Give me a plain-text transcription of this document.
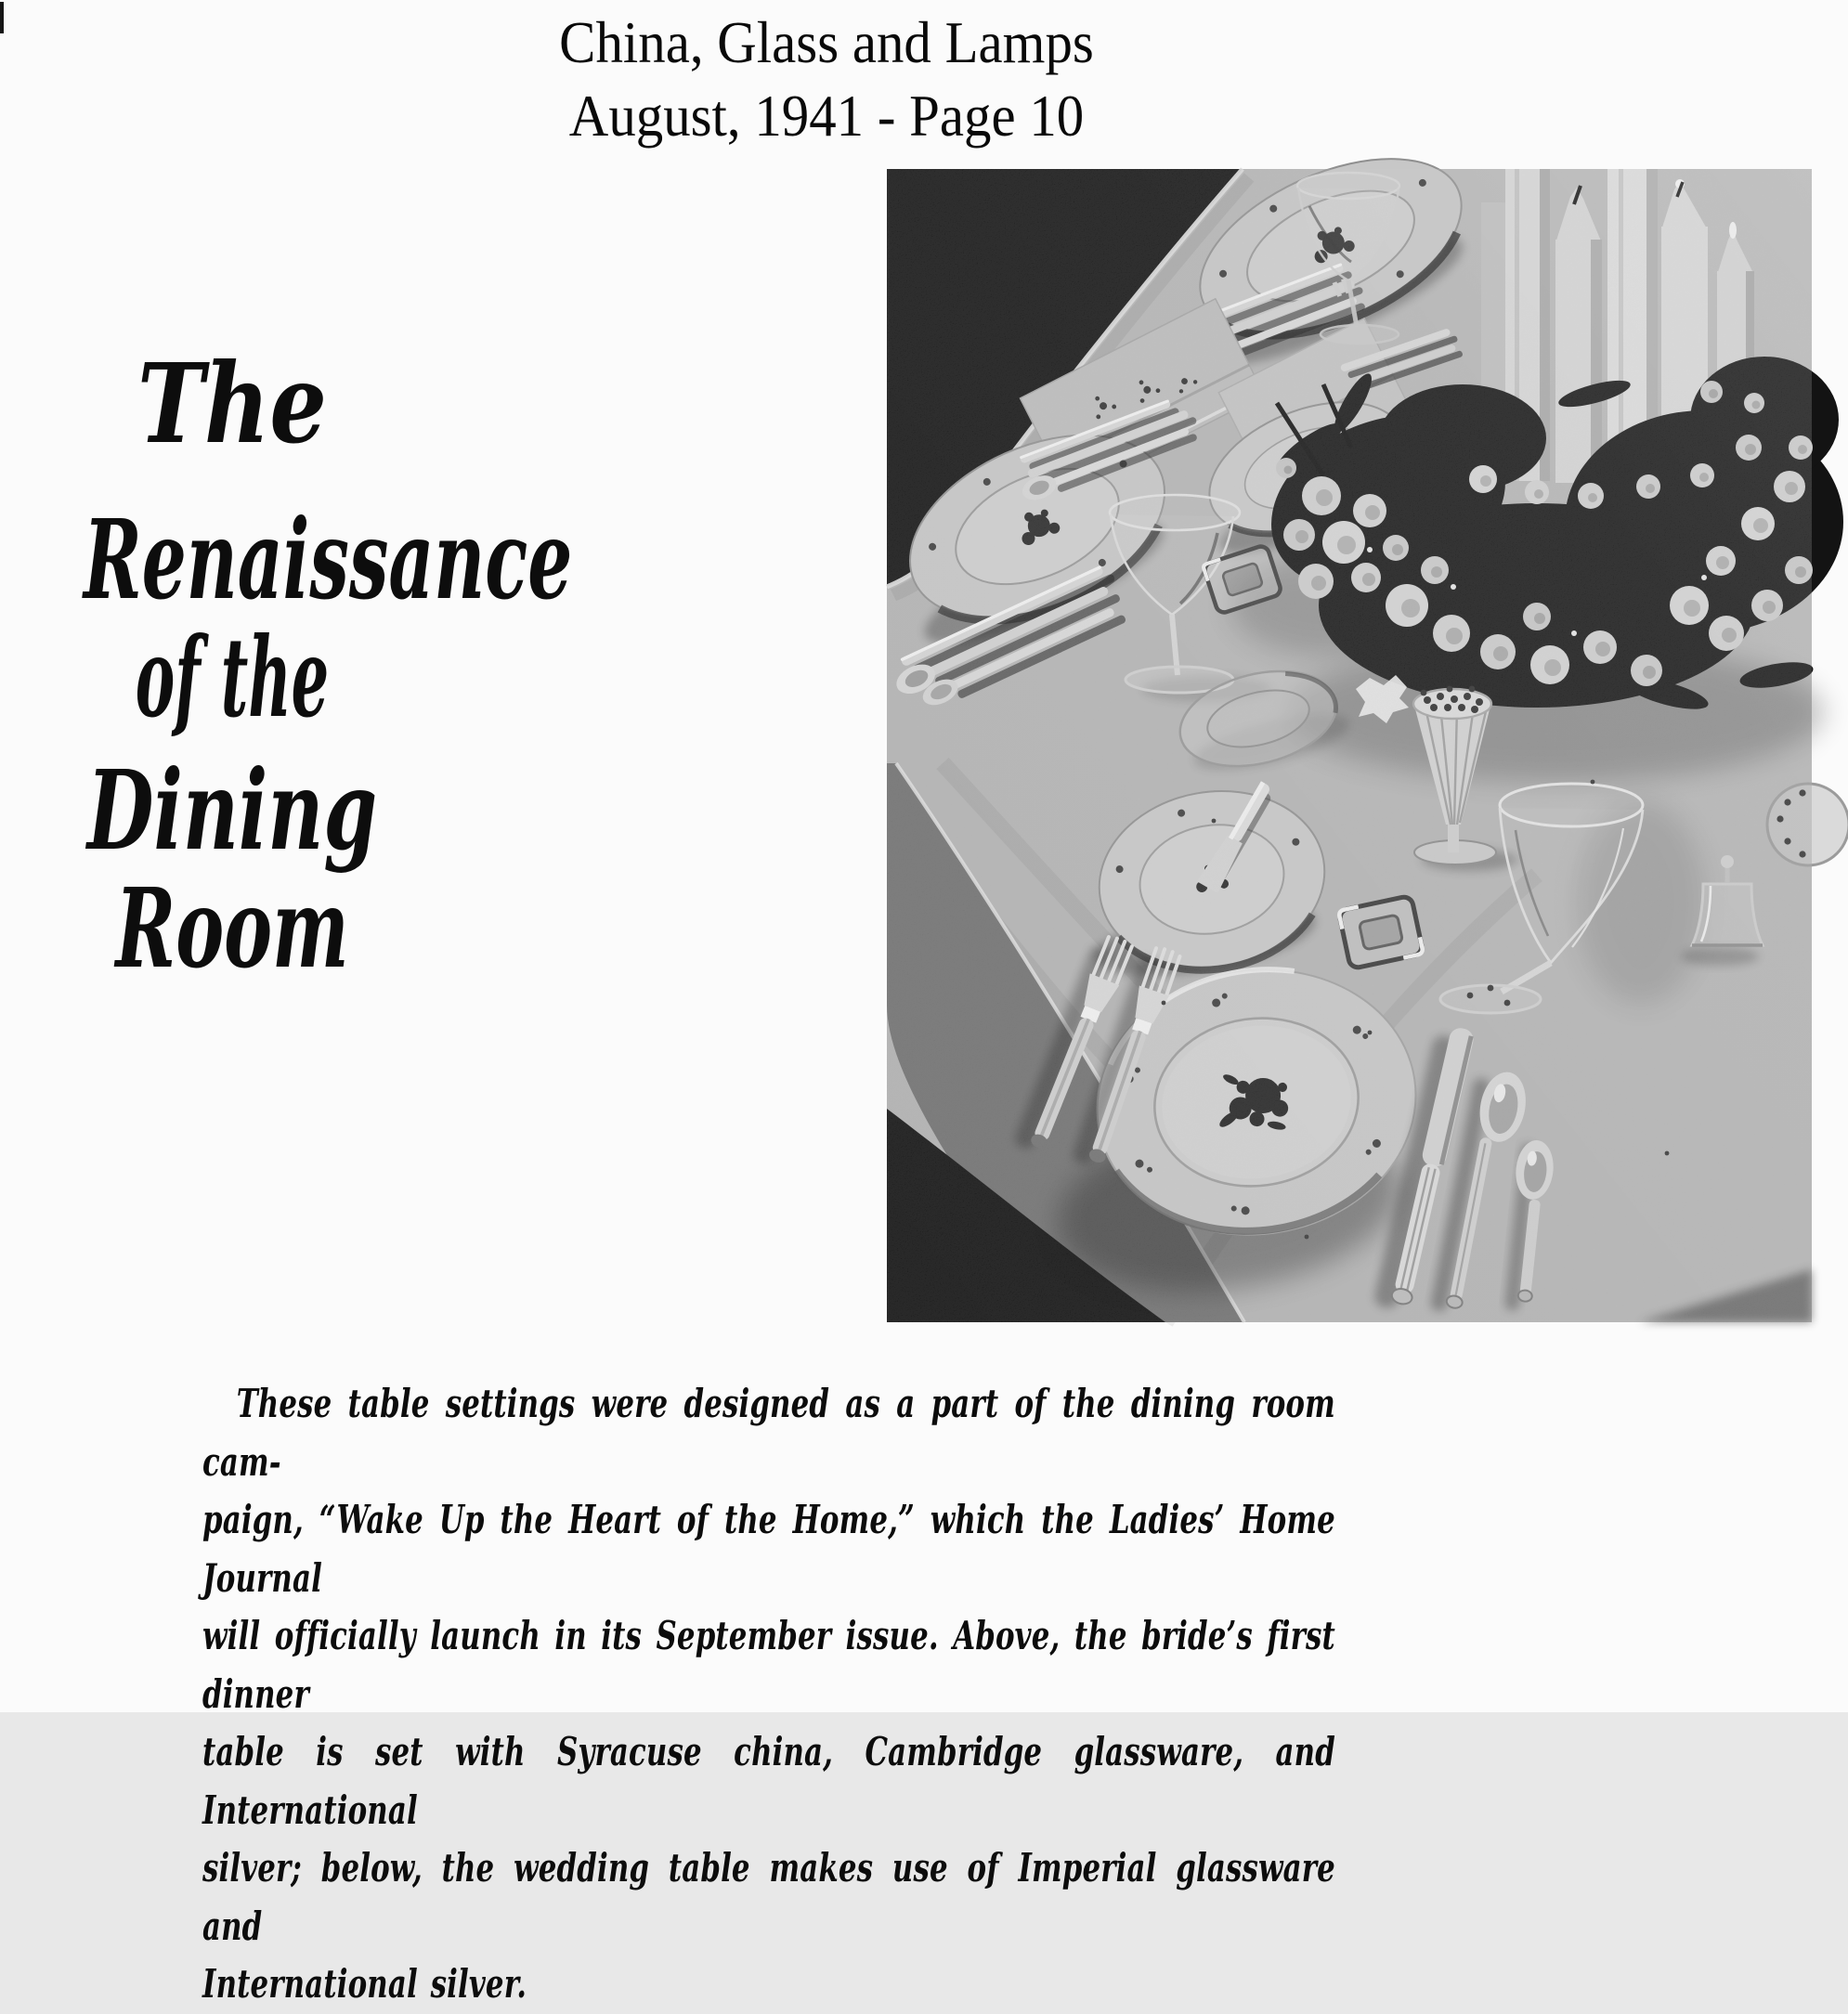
China, Glass and Lamps
August, 1941 - Page 10
The
Renaissance
of the
Dining
Room
These table settings were designed as a part of the dining room cam-
paign, “Wake Up the Heart of the Home,” which the Ladies’ Home Journal
will officially launch in its September issue. Above, the bride’s first dinner
table is set with Syracuse china, Cambridge glassware, and International
silver; below, the wedding table makes use of Imperial glassware and
International silver.
